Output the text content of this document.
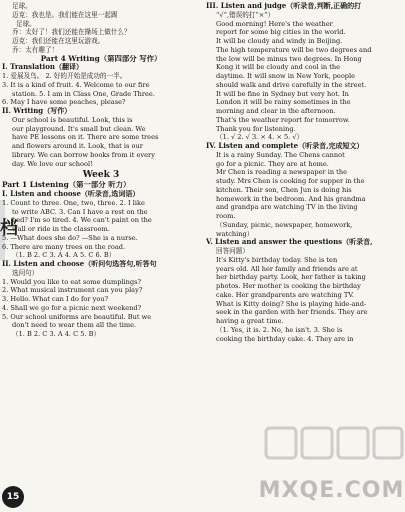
档
足球。
迈克：我也是。我们能在这里一起踢
足球。
乔：太好了！我们还能在操场上做什么？
迈克：我们还能在这里玩游戏。
乔：太有趣了！
Part 4 Writing（第四部分 写作）
I. Translation（翻译）
1. 爱展及鸟。 2. 好的开始是成功的一半。
3. It is a kind of fruit. 4. Welcome to our fire
station. 5. I am in Class One, Grade Three.
6. May I have some peaches, please?
II. Writing（写作）
Our school is beautiful. Look, this is
our playground. It's small but clean. We
have PE lessons on it. There are some trees
and flowers around it. Look, that is our
library. We can borrow books from it every
day. We love our school!
Week 3
Part 1 Listening（第一部分 听力）
I. Listen and choose（听录音,选词语）
1. Count to three. One, two, three. 2. I like
to write ABC. 3. Can I have a rest on the
bed? I'm so tired. 4. We can't paint on the
wall or ride in the classroom.
5. —What does she do? —She is a nurse.
6. There are many trees on the road.
（1. B 2. C 3. A 4. A 5. C 6. B）
II. Listen and choose（听问句选答句,听答句
选问句）
1. Would you like to eat some dumplings?
2. What musical instrument can you play?
3. Hello. What can I do for you?
4. Shall we go for a picnic next weekend?
5. Our school uniforms are beautiful. But we
don't need to wear them all the time.
（1. B 2. C 3. A 4. C 5. B）
III. Listen and judge（听录音,判断,正确的打
“√”,错误的打“×”）
Good morning! Here's the weather
report for some big cities in the world.
It will be cloudy and windy in Beijing.
The high temperature will be two degrees and
the low will be minus two degrees. In Hong
Kong it will be cloudy and cool in the
daytime. It will snow in New York, people
should walk and drive carefully in the street.
It will be fine in Sydney but very hot. In
London it will be rainy sometimes in the
morning and clear in the afternoon.
That's the weather report for tomorrow.
Thank you for listening.
（1. √ 2. √ 3. × 4. × 5. √）
IV. Listen and complete（听录音,完成短文）
It is a rainy Sunday. The Chens cannot
go for a picnic. They are at home.
Mr Chen is reading a newspaper in the
study. Mrs Chen is cooking for supper in the
kitchen. Their son, Chen Jun is doing his
homework in the bedroom. And his grandma
and grandpa are watching TV in the living
room.
（Sunday, picnic, newspaper, homework,
watching）
V. Listen and answer the questions（听录音,
回答问题）
It's Kitty's birthday today. She is ten
years old. All her family and friends are at
her birthday party. Look, her father is taking
photos. Her mother is cooking the birthday
cake. Her grandparents are watching TV.
What is Kitty doing? She is playing hide-and-
seek in the garden with her friends. They are
having a great time.
（1. Yes, it is. 2. No, he isn't. 3. She is
cooking the birthday cake. 4. They are in
MXQE.COM
15
